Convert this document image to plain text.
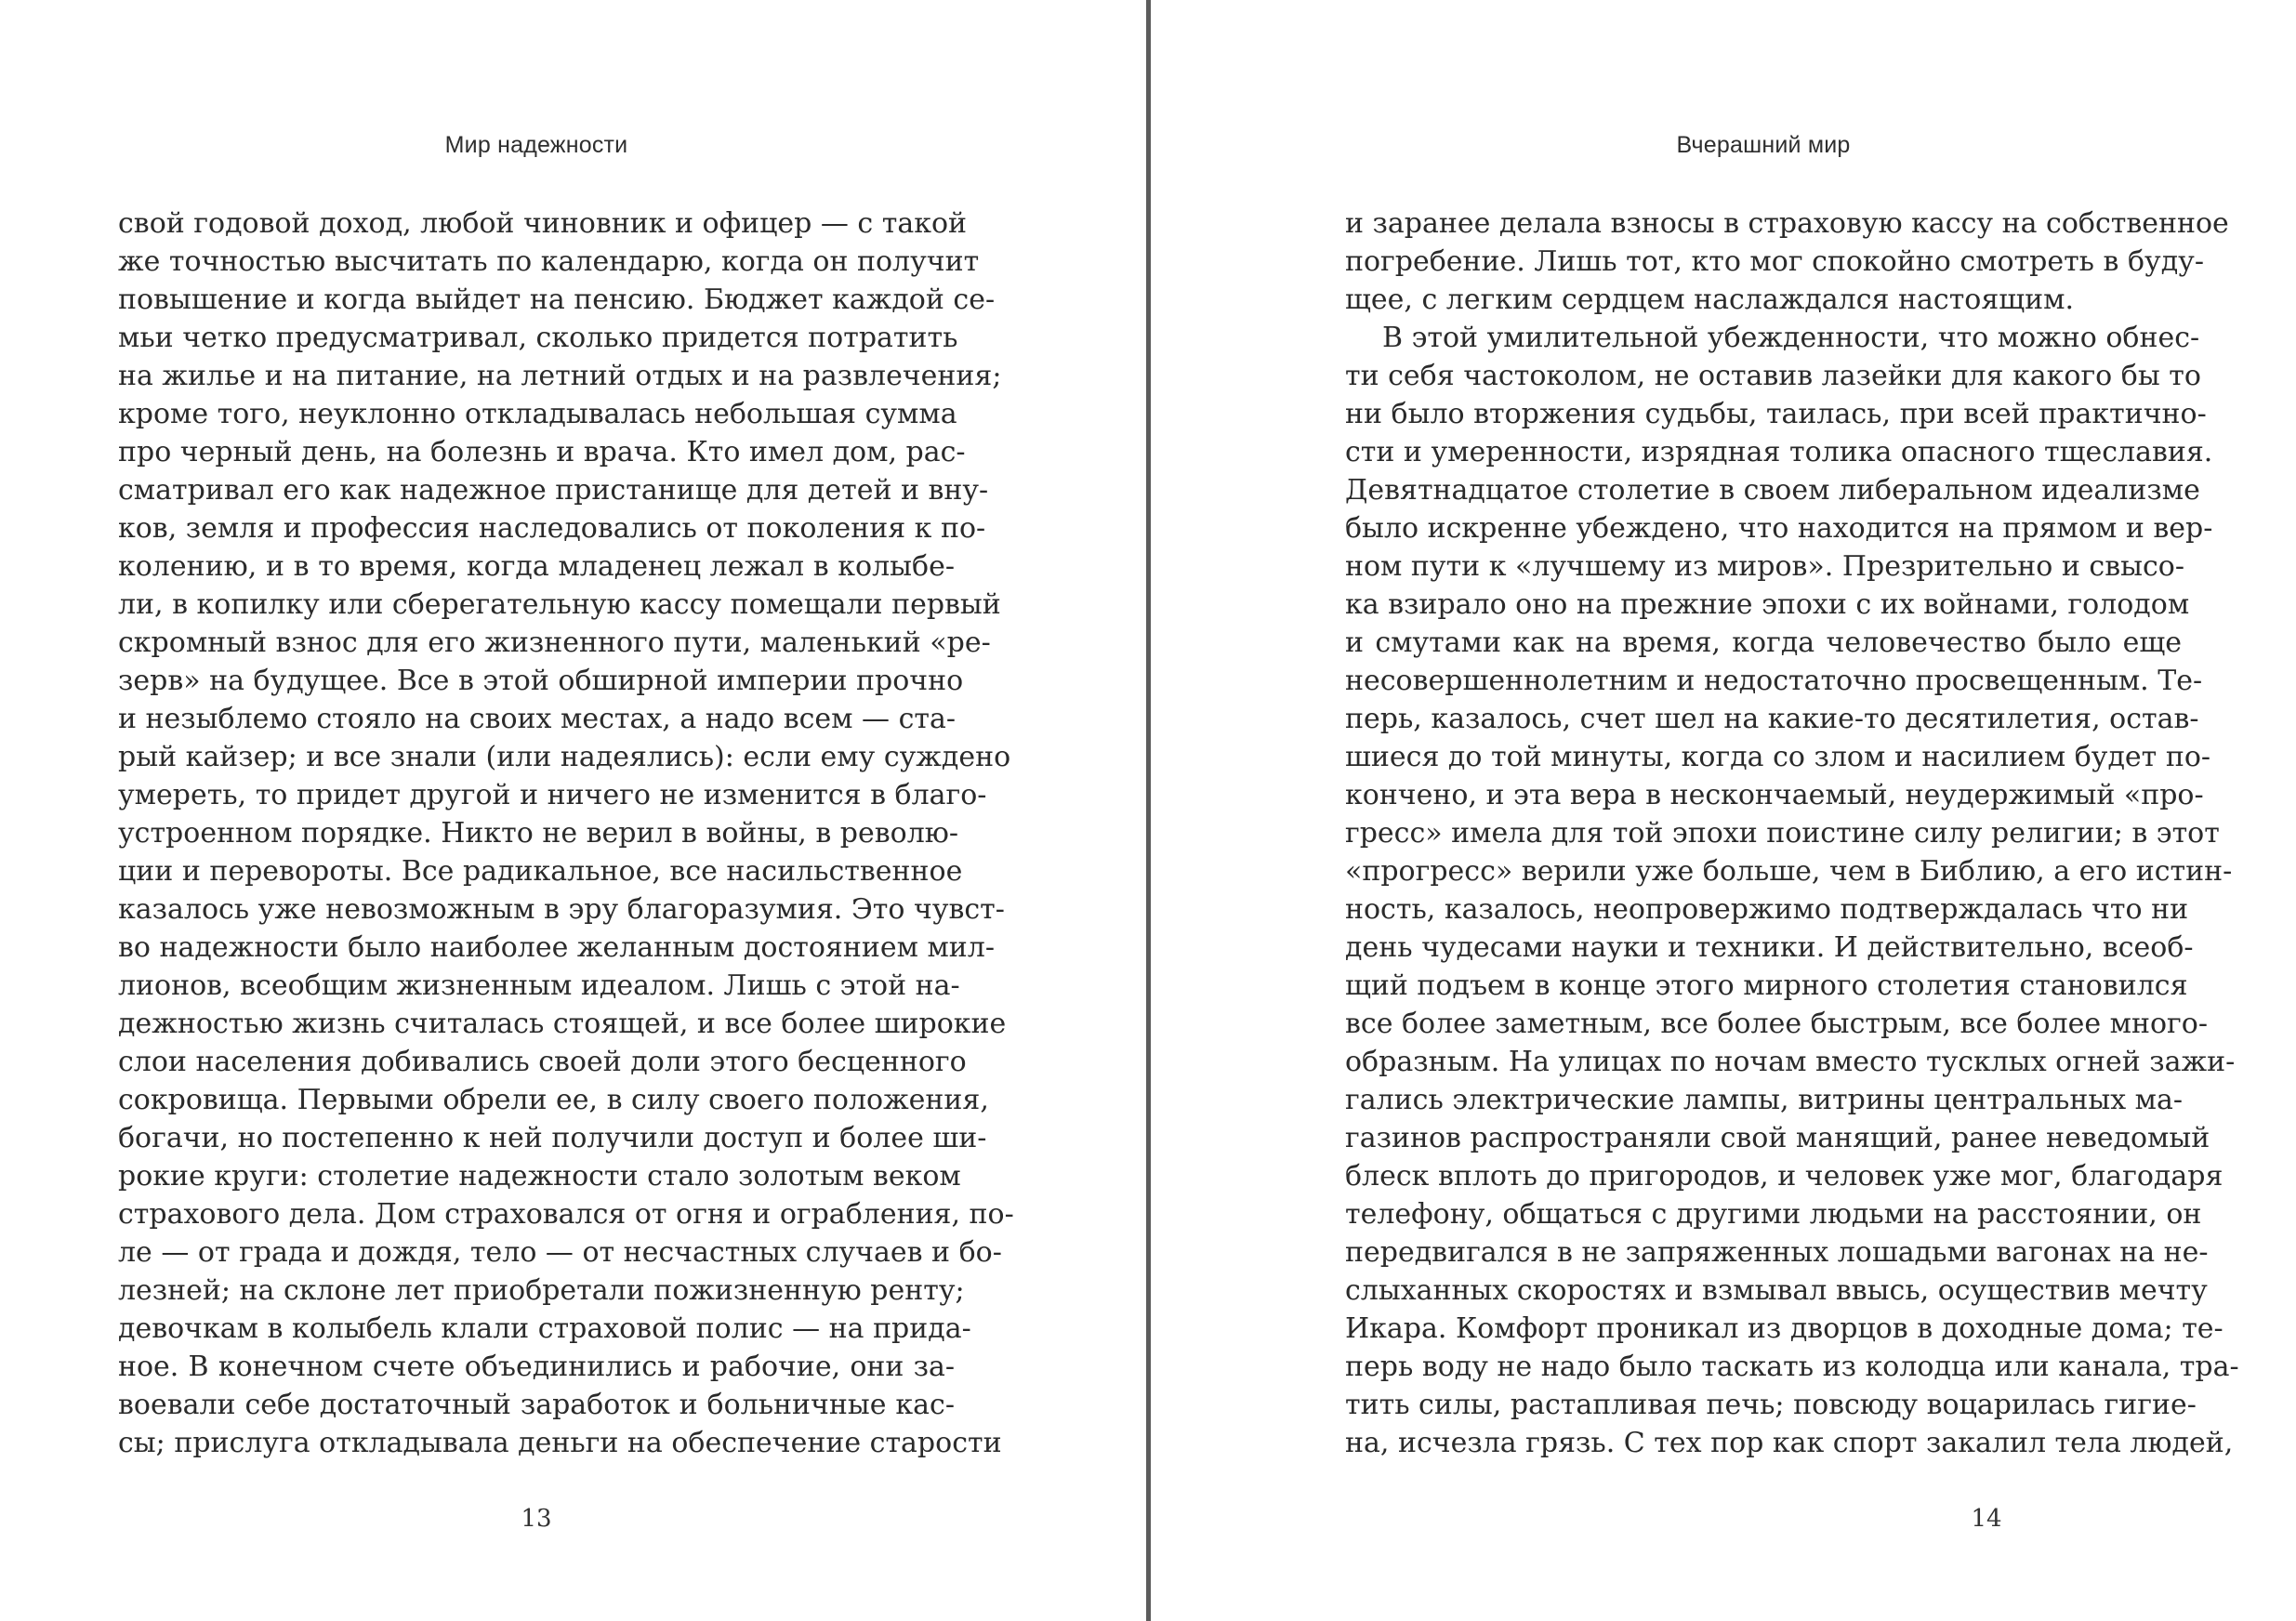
Мир надежности
свой годовой доход, любой чиновник и офицер — с такой
же точностью высчитать по календарю, когда он получит
повышение и когда выйдет на пенсию. Бюджет каждой се-
мьи четко предусматривал, сколько придется потратить
на жилье и на питание, на летний отдых и на развлечения;
кроме того, неуклонно откладывалась небольшая сумма
про черный день, на болезнь и врача. Кто имел дом, рас-
сматривал его как надежное пристанище для детей и вну-
ков, земля и профессия наследовались от поколения к по-
колению, и в то время, когда младенец лежал в колыбе-
ли, в копилку или сберегательную кассу помещали первый
скромный взнос для его жизненного пути, маленький «ре-
зерв» на будущее. Все в этой обширной империи прочно
и незыблемо стояло на своих местах, а надо всем — ста-
рый кайзер; и все знали (или надеялись): если ему суждено
умереть, то придет другой и ничего не изменится в благо-
устроенном порядке. Никто не верил в войны, в револю-
ции и перевороты. Все радикальное, все насильственное
казалось уже невозможным в эру благоразумия. Это чувст-
во надежности было наиболее желанным достоянием мил-
лионов, всеобщим жизненным идеалом. Лишь с этой на-
дежностью жизнь считалась стоящей, и все более широкие
слои населения добивались своей доли этого бесценного
сокровища. Первыми обрели ее, в силу своего положения,
богачи, но постепенно к ней получили доступ и более ши-
рокие круги: столетие надежности стало золотым веком
страхового дела. Дом страховался от огня и ограбления, по-
ле — от града и дождя, тело — от несчастных случаев и бо-
лезней; на склоне лет приобретали пожизненную ренту;
девочкам в колыбель клали страховой полис — на прида-
ное. В конечном счете объединились и рабочие, они за-
воевали себе достаточный заработок и больничные кас-
сы; прислуга откладывала деньги на обеспечение старости
13
Вчерашний мир
и заранее делала взносы в страховую кассу на собственное
погребение. Лишь тот, кто мог спокойно смотреть в буду-
щее, с легким сердцем наслаждался настоящим.
В этой умилительной убежденности, что можно обнес-
ти себя частоколом, не оставив лазейки для какого бы то
ни было вторжения судьбы, таилась, при всей практично-
сти и умеренности, изрядная толика опасного тщеславия.
Девятнадцатое столетие в своем либеральном идеализме
было искренне убеждено, что находится на прямом и вер-
ном пути к «лучшему из миров». Презрительно и свысо-
ка взирало оно на прежние эпохи с их войнами, голодом
и смутами как на время, когда человечество было еще
несовершеннолетним и недостаточно просвещенным. Те-
перь, казалось, счет шел на какие-то десятилетия, остав-
шиеся до той минуты, когда со злом и насилием будет по-
кончено, и эта вера в нескончаемый, неудержимый «про-
гресс» имела для той эпохи поистине силу религии; в этот
«прогресс» верили уже больше, чем в Библию, а его истин-
ность, казалось, неопровержимо подтверждалась что ни
день чудесами науки и техники. И действительно, всеоб-
щий подъем в конце этого мирного столетия становился
все более заметным, все более быстрым, все более много-
образным. На улицах по ночам вместо тусклых огней зажи-
гались электрические лампы, витрины центральных ма-
газинов распространяли свой манящий, ранее неведомый
блеск вплоть до пригородов, и человек уже мог, благодаря
телефону, общаться с другими людьми на расстоянии, он
передвигался в не запряженных лошадьми вагонах на не-
слыханных скоростях и взмывал ввысь, осуществив мечту
Икара. Комфорт проникал из дворцов в доходные дома; те-
перь воду не надо было таскать из колодца или канала, тра-
тить силы, растапливая печь; повсюду воцарилась гигие-
на, исчезла грязь. С тех пор как спорт закалил тела людей,
14
